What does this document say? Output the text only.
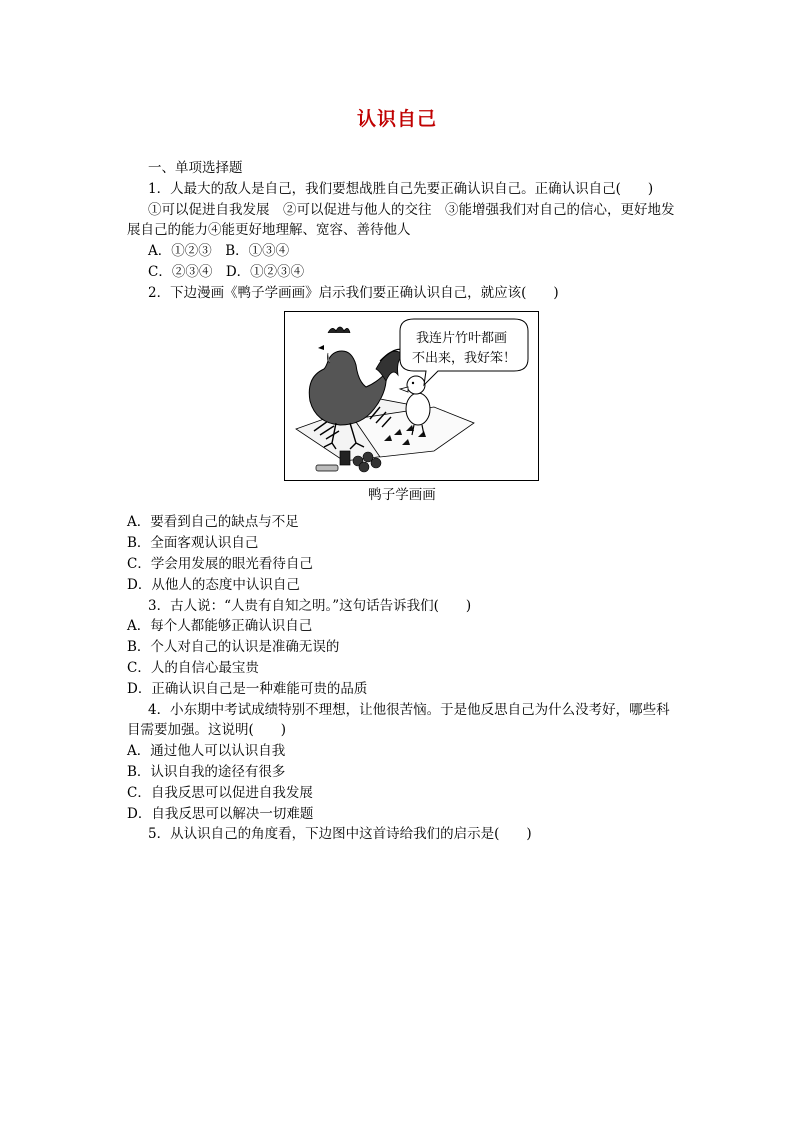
认识自己
一、单项选择题
1．人最大的敌人是自己，我们要想战胜自己先要正确认识自己。正确认识自己(　　)
①可以促进自我发展　②可以促进与他人的交往　③能增强我们对自己的信心，更好地发展自己的能力④能更好地理解、宽容、善待他人
A．①②③　B．①③④
C．②③④　D．①②③④
2．下边漫画《鸭子学画画》启示我们要正确认识自己，就应该(　　)
我连片竹叶都画
不出来，我好笨！
鸭子学画画
A．要看到自己的缺点与不足
B．全面客观认识自己
C．学会用发展的眼光看待自己
D．从他人的态度中认识自己
3．古人说：“人贵有自知之明。”这句话告诉我们(　　)
A．每个人都能够正确认识自己
B．个人对自己的认识是准确无误的
C．人的自信心最宝贵
D．正确认识自己是一种难能可贵的品质
4．小东期中考试成绩特别不理想，让他很苦恼。于是他反思自己为什么没考好，哪些科目需要加强。这说明(　　)
A．通过他人可以认识自我
B．认识自我的途径有很多
C．自我反思可以促进自我发展
D．自我反思可以解决一切难题
5．从认识自己的角度看，下边图中这首诗给我们的启示是(　　)
